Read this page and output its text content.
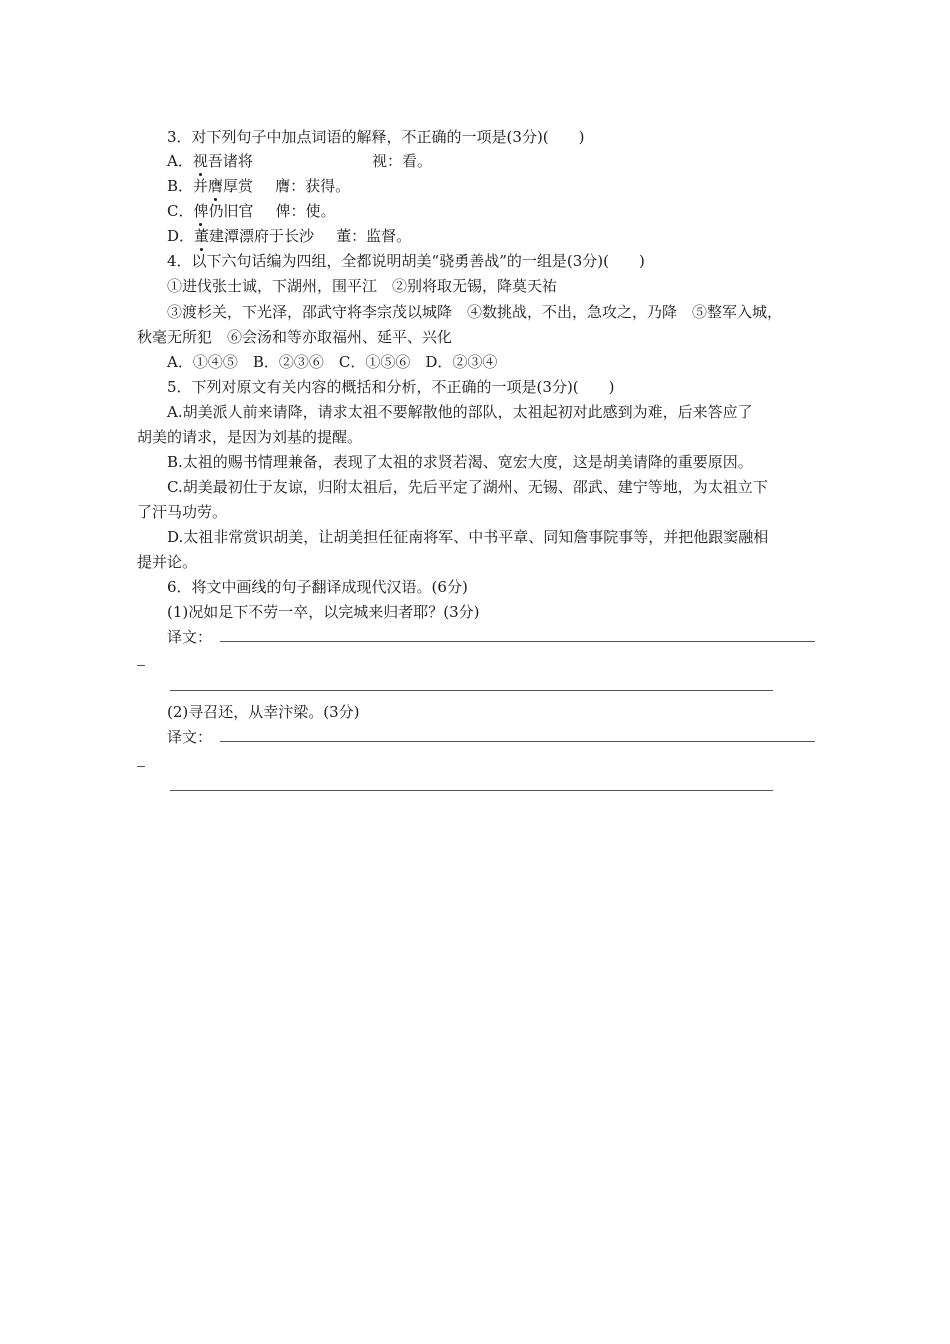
3．对下列句子中加点词语的解释，不正确的一项是(3分)(　　)
A．视吾诸将	视：看。
B．并膺厚赏 膺：获得。
C．俾仍旧官 俾：使。
D．董建潭漂府于长沙 董：监督。
4．以下六句话编为四组，全都说明胡美“骁勇善战”的一组是(3分)(　　)
①进伐张士诚，下湖州，围平江　②别将取无锡，降莫天祐
③渡杉关，下光泽，邵武守将李宗茂以城降　④数挑战，不出，急攻之，乃降　⑤整军入城，
秋毫无所犯　⑥会汤和等亦取福州、延平、兴化
A．①④⑤　B．②③⑥　C．①⑤⑥　D．②③④
5．下列对原文有关内容的概括和分析，不正确的一项是(3分)(　　)
A.胡美派人前来请降，请求太祖不要解散他的部队，太祖起初对此感到为难，后来答应了
胡美的请求，是因为刘基的提醒。
B.太祖的赐书情理兼备，表现了太祖的求贤若渴、宽宏大度，这是胡美请降的重要原因。
C.胡美最初仕于友谅，归附太祖后，先后平定了湖州、无锡、邵武、建宁等地，为太祖立下
了汗马功劳。
D.太祖非常赏识胡美，让胡美担任征南将军、中书平章、同知詹事院事等，并把他跟窦融相
提并论。
6．将文中画线的句子翻译成现代汉语。(6分)
(1)况如足下不劳一卒，以完城来归者耶？(3分)
译文：
(2)寻召还，从幸汴梁。(3分)
译文：
